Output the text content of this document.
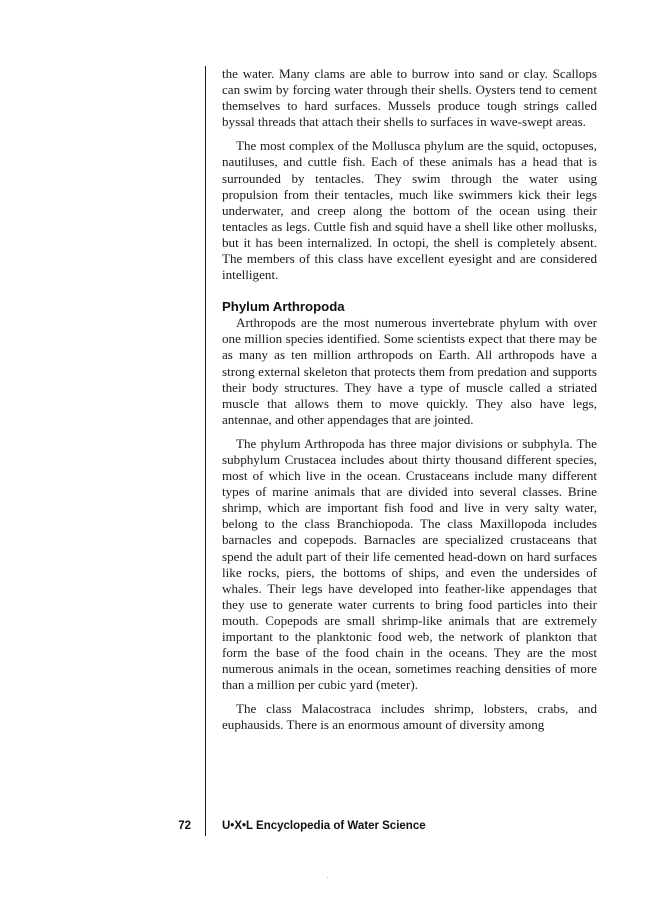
the water. Many clams are able to burrow into sand or clay. Scallops can swim by forcing water through their shells. Oysters tend to cement themselves to hard surfaces. Mussels produce tough strings called byssal threads that attach their shells to surfaces in wave-swept areas.

The most complex of the Mollusca phylum are the squid, octopuses, nautiluses, and cuttle fish. Each of these animals has a head that is surrounded by tentacles. They swim through the water using propulsion from their tentacles, much like swimmers kick their legs underwater, and creep along the bottom of the ocean using their tentacles as legs. Cuttle fish and squid have a shell like other mollusks, but it has been internalized. In octopi, the shell is completely absent. The members of this class have excellent eyesight and are considered intelligent.

Phylum Arthropoda

Arthropods are the most numerous invertebrate phylum with over one million species identified. Some scientists expect that there may be as many as ten million arthropods on Earth. All arthropods have a strong external skeleton that protects them from predation and supports their body structures. They have a type of muscle called a striated muscle that allows them to move quickly. They also have legs, antennae, and other appendages that are jointed.

The phylum Arthropoda has three major divisions or subphyla. The subphylum Crustacea includes about thirty thousand different species, most of which live in the ocean. Crustaceans include many different types of marine animals that are divided into several classes. Brine shrimp, which are important fish food and live in very salty water, belong to the class Branchiopoda. The class Maxillopoda includes barnacles and copepods. Barnacles are specialized crustaceans that spend the adult part of their life cemented head-down on hard surfaces like rocks, piers, the bottoms of ships, and even the undersides of whales. Their legs have developed into feather-like appendages that they use to generate water currents to bring food particles into their mouth. Copepods are small shrimp-like animals that are extremely important to the planktonic food web, the network of plankton that form the base of the food chain in the oceans. They are the most numerous animals in the ocean, sometimes reaching densities of more than a million per cubic yard (meter).

The class Malacostraca includes shrimp, lobsters, crabs, and euphausids. There is an enormous amount of diversity among

72	U•X•L Encyclopedia of Water Science
